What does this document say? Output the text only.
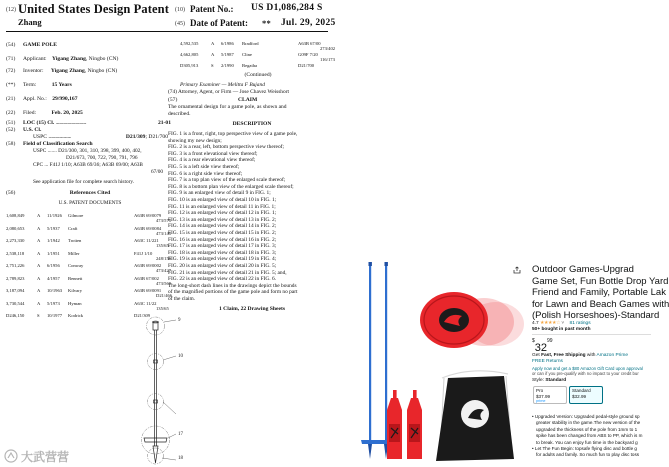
(12) United States Design Patent
Zhang
(10) Patent No.: US D1,086,284 S
(45) Date of Patent: ** Jul. 29, 2025
(54) GAME POLE
(71) Applicant: Yigang Zhang, Ningbo (CN)
(72) Inventor: Yigang Zhang, Ningbo (CN)
(**) Term:	15 Years
(21) Appl. No.: 29/990,167
(22) Filed:	Feb. 20, 2025
(51) LOC (15) Cl. ......................................	21-01
(52) U.S. Cl.
USPC ............................	D21/309; D21/700
(58) Field of Classification Search
USPC ....... D21/300, 301, 310, 398, 399, 400, 402,
D21/673, 700, 722, 790, 791, 796
CPC ... F41J 1/10; A63B 69/36; A63B 69/00; A63B
67/00
See application file for complete search history.
(56)	References Cited
U.S. PATENT DOCUMENTS
1,608,849	A 11/1926 Gilmore	A63B 69/0079
473/575
2,080,653	A 5/1937 Craft	A63B 69/0084
473/145
2,273,330	A 1/1942 Trotten	A63C 11/221
135/65
2,538,118	A 1/1951 Miller	F41J 1/10
248/156
2,751,226	A 6/1956 Conway	A63B 69/0002
473/427
2,789,823	A 4/1957 Bennett	A63B 67/002
473/569
3,187,094	A 10/1963 Kilvary	A63B 69/0091
D21/466
3,730,544	A 5/1973 Hyman	A63C 11/22
135/65
D246,150	S 10/1977 Kodrick	D21/309
9
10
17
18
4,592,535	A 6/1986 Bradford	A63B 67/00
273/402
4,662,805	A 5/1987 Cline	G09F 7/20
116/173
D305,913	S 2/1990 Begatha	D21/700
(Continued)
Primary Examiner — Melitta F Bujand
(74) Attorney, Agent, or Firm — Jose Chavez Weisshort
(57)	CLAIM
The ornamental design for a game pole, as shown and
described.
DESCRIPTION
FIG. 1 is a front, right, top perspective view of a game pole,
showing my new design;
FIG. 2 is a rear, left, bottom perspective view thereof;
FIG. 3 is a front elevational view thereof;
FIG. 4 is a rear elevational view thereof;
FIG. 5 is a left side view thereof;
FIG. 6 is a right side view thereof;
FIG. 7 is a top plan view of the enlarged scale thereof;
FIG. 8 is a bottom plan view of the enlarged scale thereof;
FIG. 9 is an enlarged view of detail 9 in FIG. 1;
FIG. 10 is an enlarged view of detail 10 in FIG. 1;
FIG. 11 is an enlarged view of detail 11 in FIG. 1;
FIG. 12 is an enlarged view of detail 12 in FIG. 1;
FIG. 13 is an enlarged view of detail 13 in FIG. 2;
FIG. 14 is an enlarged view of detail 14 in FIG. 2;
FIG. 15 is an enlarged view of detail 15 in FIG. 2;
FIG. 16 is an enlarged view of detail 16 in FIG. 2;
FIG. 17 is an enlarged view of detail 17 in FIG. 3;
FIG. 18 is an enlarged view of detail 18 in FIG. 3;
FIG. 19 is an enlarged view of detail 19 in FIG. 4;
FIG. 20 is an enlarged view of detail 20 in FIG. 5;
FIG. 21 is an enlarged view of detail 21 in FIG. 5; and,
FIG. 22 is an enlarged view of detail 22 in FIG. 6.
The long-short dash lines in the drawings depict the bounds
of the magnified portions of the game pole and form no part
of the claim.
1 Claim, 22 Drawing Sheets
Outdoor Games-Upgrad
Game Set, Fun Bottle Drop Yard
Friend and Family, Portable Lak
for Lawn and Beach Games with
(Polish Horseshoes)-Standard
4.7 ★★★★☆ ˅ 81 ratings
50+ bought in past month
$^{\$}32^{99}$
Get Fast, Free Shipping with Amazon Prime
FREE Returns
Apply now and get a $80 Amazon Gift Card upon approval
or can if you pre-qualify with no impact to your credit bur
Style: Standard
Pro
$37.99
prime
Standard
$32.99
• Upgraded Version: Upgraded pedal-style ground sp
greater stability in the game.The new version of the
upgraded the thickness of the pole from 1mm to 1
spike has been changed from ABS to PP, which is m
to break. You can enjoy fun time in the backyard g
• Let The Fun Begin: topsafe flying disc and bottle g
for adults and family. So much fun to play disc toss
大武营营
